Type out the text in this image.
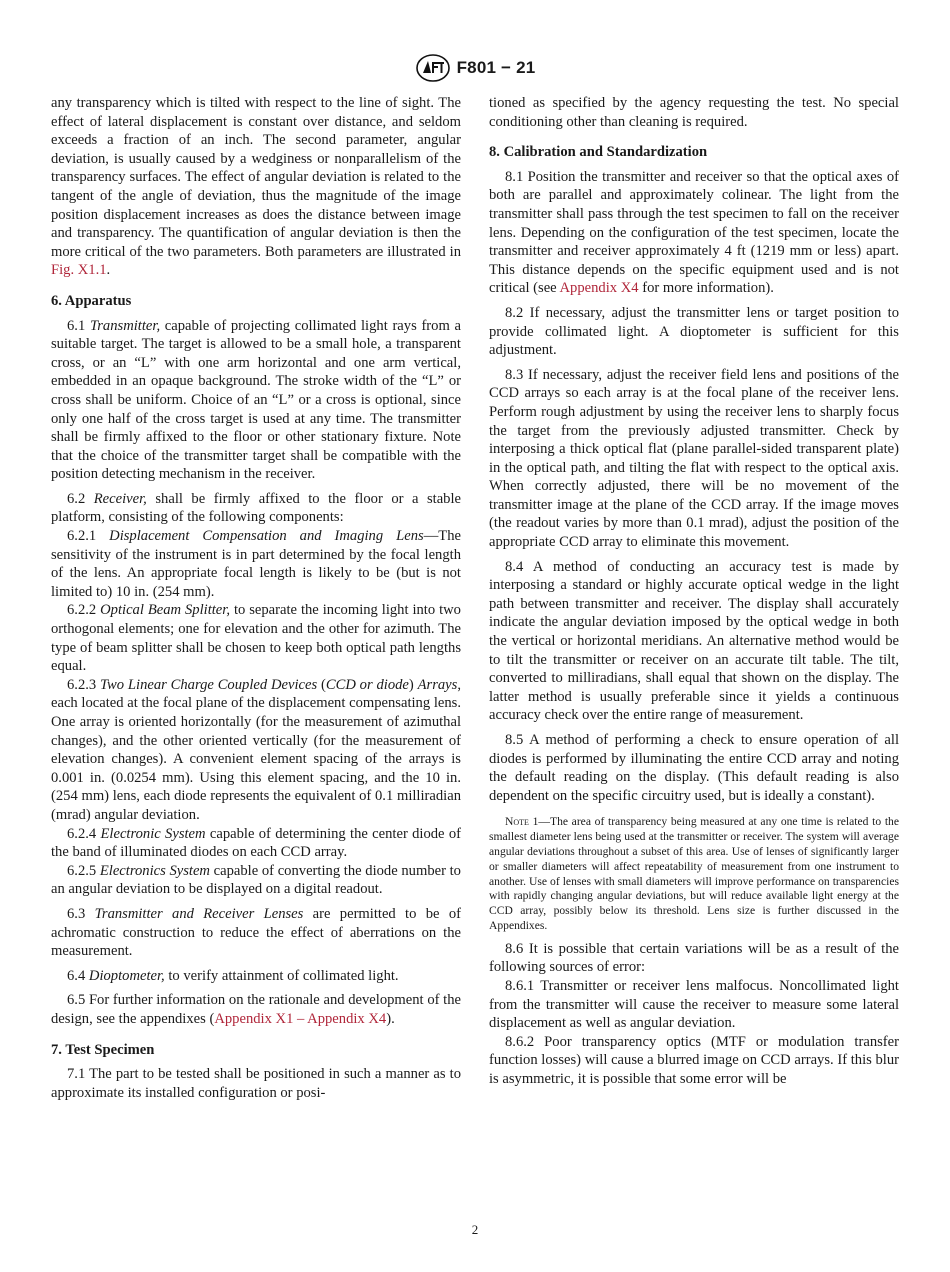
F801 − 21

any transparency which is tilted with respect to the line of sight. The effect of lateral displacement is constant over distance, and seldom exceeds a fraction of an inch. The second parameter, angular deviation, is usually caused by a wedginess or nonparallelism of the transparency surfaces. The effect of angular deviation is related to the tangent of the angle of deviation, thus the magnitude of the image position displacement increases as does the distance between image and transparency. The quantification of angular deviation is then the more critical of the two parameters. Both parameters are illustrated in Fig. X1.1.

6. Apparatus

6.1 Transmitter, capable of projecting collimated light rays from a suitable target. The target is allowed to be a small hole, a transparent cross, or an “L” with one arm horizontal and one arm vertical, embedded in an opaque background. The stroke width of the “L” or cross shall be uniform. Choice of an “L” or a cross is optional, since only one half of the cross target is used at any time. The transmitter shall be firmly affixed to the floor or other stationary fixture. Note that the choice of the transmitter target shall be compatible with the position detecting mechanism in the receiver.

6.2 Receiver, shall be firmly affixed to the floor or a stable platform, consisting of the following components:

6.2.1 Displacement Compensation and Imaging Lens—The sensitivity of the instrument is in part determined by the focal length of the lens. An appropriate focal length is likely to be (but is not limited to) 10 in. (254 mm).

6.2.2 Optical Beam Splitter, to separate the incoming light into two orthogonal elements; one for elevation and the other for azimuth. The type of beam splitter shall be chosen to keep both optical path lengths equal.

6.2.3 Two Linear Charge Coupled Devices (CCD or diode) Arrays, each located at the focal plane of the displacement compensating lens. One array is oriented horizontally (for the measurement of azimuthal changes), and the other oriented vertically (for the measurement of elevation changes). A convenient element spacing of the arrays is 0.001 in. (0.0254 mm). Using this element spacing, and the 10 in. (254 mm) lens, each diode represents the equivalent of 0.1 milliradian (mrad) angular deviation.

6.2.4 Electronic System capable of determining the center diode of the band of illuminated diodes on each CCD array.

6.2.5 Electronics System capable of converting the diode number to an angular deviation to be displayed on a digital readout.

6.3 Transmitter and Receiver Lenses are permitted to be of achromatic construction to reduce the effect of aberrations on the measurement.

6.4 Dioptometer, to verify attainment of collimated light.

6.5 For further information on the rationale and development of the design, see the appendixes (Appendix X1 – Appendix X4).

7. Test Specimen

7.1 The part to be tested shall be positioned in such a manner as to approximate its installed configuration or posi-

tioned as specified by the agency requesting the test. No special conditioning other than cleaning is required.

8. Calibration and Standardization

8.1 Position the transmitter and receiver so that the optical axes of both are parallel and approximately colinear. The light from the transmitter shall pass through the test specimen to fall on the receiver lens. Depending on the configuration of the test specimen, locate the transmitter and receiver approximately 4 ft (1219 mm or less) apart. This distance depends on the specific equipment used and is not critical (see Appendix X4 for more information).

8.2 If necessary, adjust the transmitter lens or target position to provide collimated light. A dioptometer is sufficient for this adjustment.

8.3 If necessary, adjust the receiver field lens and positions of the CCD arrays so each array is at the focal plane of the receiver lens. Perform rough adjustment by using the receiver lens to sharply focus the target from the previously adjusted transmitter. Check by interposing a thick optical flat (plane parallel-sided transparent plate) in the optical path, and tilting the flat with respect to the optical axis. When correctly adjusted, there will be no movement of the transmitter image at the plane of the CCD array. If the image moves (the readout varies by more than 0.1 mrad), adjust the position of the appropriate CCD array to eliminate this movement.

8.4 A method of conducting an accuracy test is made by interposing a standard or highly accurate optical wedge in the light path between transmitter and receiver. The display shall accurately indicate the angular deviation imposed by the optical wedge in both the vertical or horizontal meridians. An alternative method would be to tilt the transmitter or receiver on an accurate tilt table. The tilt, converted to milliradians, shall equal that shown on the display. The latter method is usually preferable since it yields a continuous accuracy check over the entire range of measurement.

8.5 A method of performing a check to ensure operation of all diodes is performed by illuminating the entire CCD array and noting the default reading on the display. (This default reading is also dependent on the specific circuitry used, but is ideally a constant).

Note 1—The area of transparency being measured at any one time is related to the smallest diameter lens being used at the transmitter or receiver. The system will average angular deviations throughout a subset of this area. Use of lenses of significantly larger or smaller diameters will affect repeatability of measurement from one instrument to another. Use of lenses with small diameters will improve performance on transparencies with rapidly changing angular deviations, but will reduce available light energy at the CCD array, possibly below its threshold. Lens size is further discussed in the Appendixes.

8.6 It is possible that certain variations will be as a result of the following sources of error:

8.6.1 Transmitter or receiver lens malfocus. Noncollimated light from the transmitter will cause the receiver to measure some lateral displacement as well as angular deviation.

8.6.2 Poor transparency optics (MTF or modulation transfer function losses) will cause a blurred image on CCD arrays. If this blur is asymmetric, it is possible that some error will be

2
